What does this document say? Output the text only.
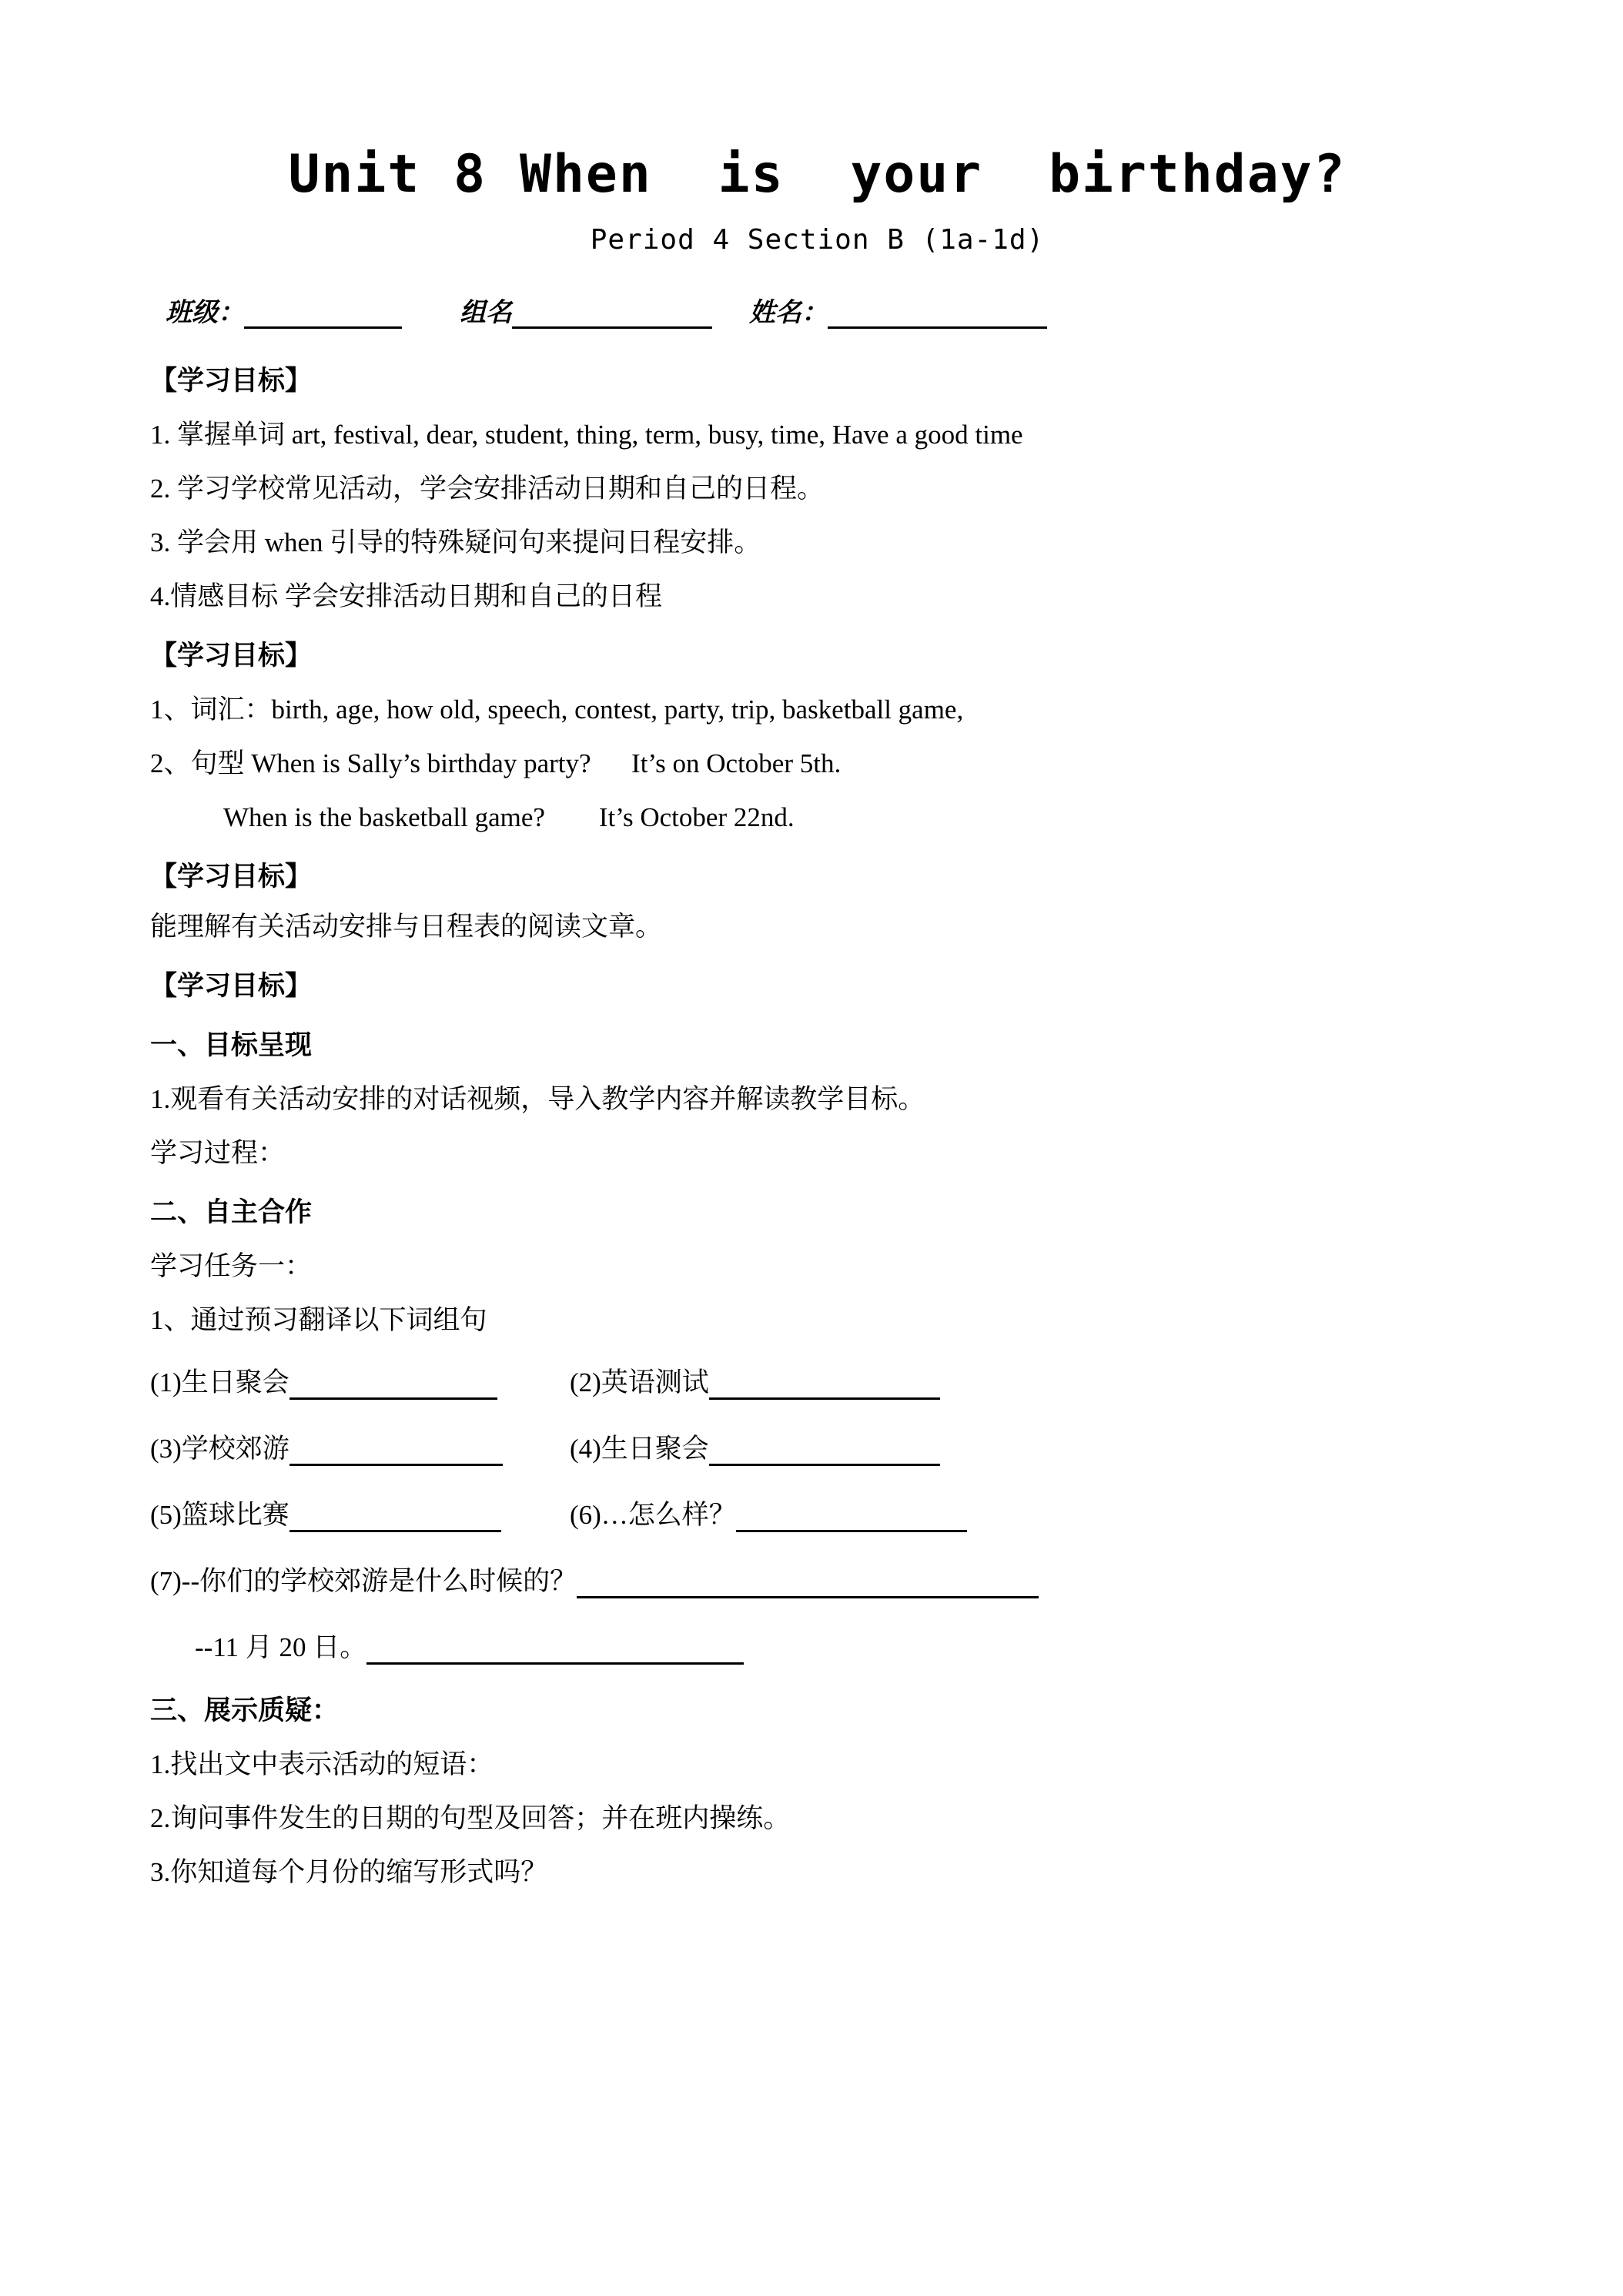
Unit 8 When  is  your  birthday?
Period 4 Section B (1a-1d)
班级：	组名	姓名：
【学习目标】
1. 掌握单词 art, festival, dear, student, thing, term, busy, time, Have a good time
2. 学习学校常见活动，学会安排活动日期和自己的日程。
3. 学会用 when 引导的特殊疑问句来提问日程安排。
4.情感目标 学会安排活动日期和自己的日程
【学习目标】
1、词汇：birth, age, how old, speech, contest, party, trip, basketball game,
2、句型 When is Sally’s birthday party?      It’s on October 5th.
When is the basketball game?        It’s October 22nd.
【学习目标】
能理解有关活动安排与日程表的阅读文章。
【学习目标】
一、目标呈现
1.观看有关活动安排的对话视频，导入教学内容并解读教学目标。
学习过程：
二、自主合作
学习任务一：
1、通过预习翻译以下词组句
(1)生日聚会	(2)英语测试
(3)学校郊游	(4)生日聚会
(5)篮球比赛	(6)…怎么样？
(7)--你们的学校郊游是什么时候的？
--11 月 20 日。
三、展示质疑：
1.找出文中表示活动的短语：
2.询问事件发生的日期的句型及回答；并在班内操练。
3.你知道每个月份的缩写形式吗？
